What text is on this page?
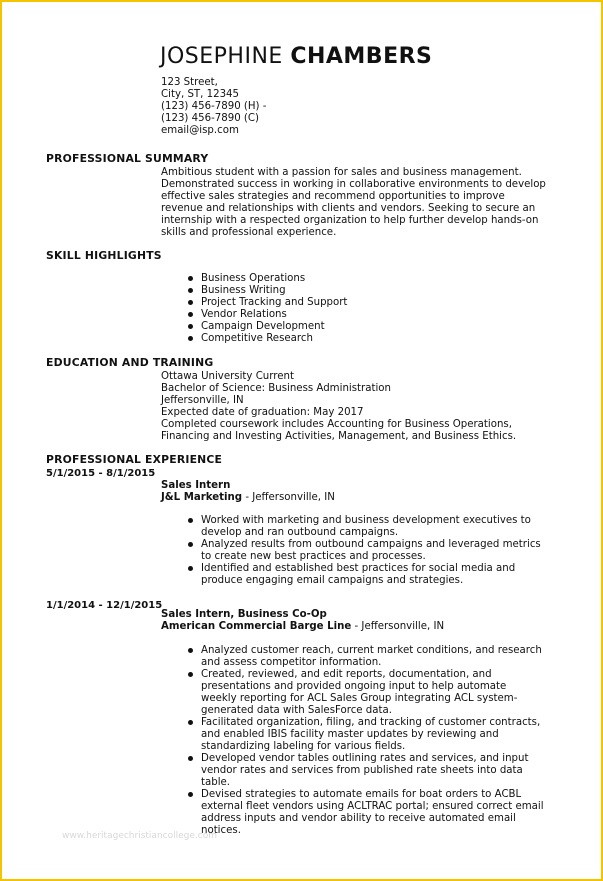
JOSEPHINE CHAMBERS
123 Street,
City, ST, 12345
(123) 456-7890 (H) -
(123) 456-7890 (C)
email@isp.com
PROFESSIONAL SUMMARY
Ambitious student with a passion for sales and business management.
Demonstrated success in working in collaborative environments to develop
effective sales strategies and recommend opportunities to improve
revenue and relationships with clients and vendors. Seeking to secure an
internship with a respected organization to help further develop hands-on
skills and professional experience.
SKILL HIGHLIGHTS
Business Operations
Business Writing
Project Tracking and Support
Vendor Relations
Campaign Development
Competitive Research
EDUCATION AND TRAINING
Ottawa University Current
Bachelor of Science: Business Administration
Jeffersonville, IN
Expected date of graduation: May 2017
Completed coursework includes Accounting for Business Operations,
Financing and Investing Activities, Management, and Business Ethics.
PROFESSIONAL EXPERIENCE
5/1/2015 - 8/1/2015
Sales Intern
J&L Marketing - Jeffersonville, IN
Worked with marketing and business development executives to
develop and ran outbound campaigns.
Analyzed results from outbound campaigns and leveraged metrics
to create new best practices and processes.
Identified and established best practices for social media and
produce engaging email campaigns and strategies.
1/1/2014 - 12/1/2015
Sales Intern, Business Co-Op
American Commercial Barge Line - Jeffersonville, IN
Analyzed customer reach, current market conditions, and research
and assess competitor information.
Created, reviewed, and edit reports, documentation, and
presentations and provided ongoing input to help automate
weekly reporting for ACL Sales Group integrating ACL system-
generated data with SalesForce data.
Facilitated organization, filing, and tracking of customer contracts,
and enabled IBIS facility master updates by reviewing and
standardizing labeling for various fields.
Developed vendor tables outlining rates and services, and input
vendor rates and services from published rate sheets into data
table.
Devised strategies to automate emails for boat orders to ACBL
external fleet vendors using ACLTRAC portal; ensured correct email
address inputs and vendor ability to receive automated email
notices.
www.heritagechristiancollege.com
